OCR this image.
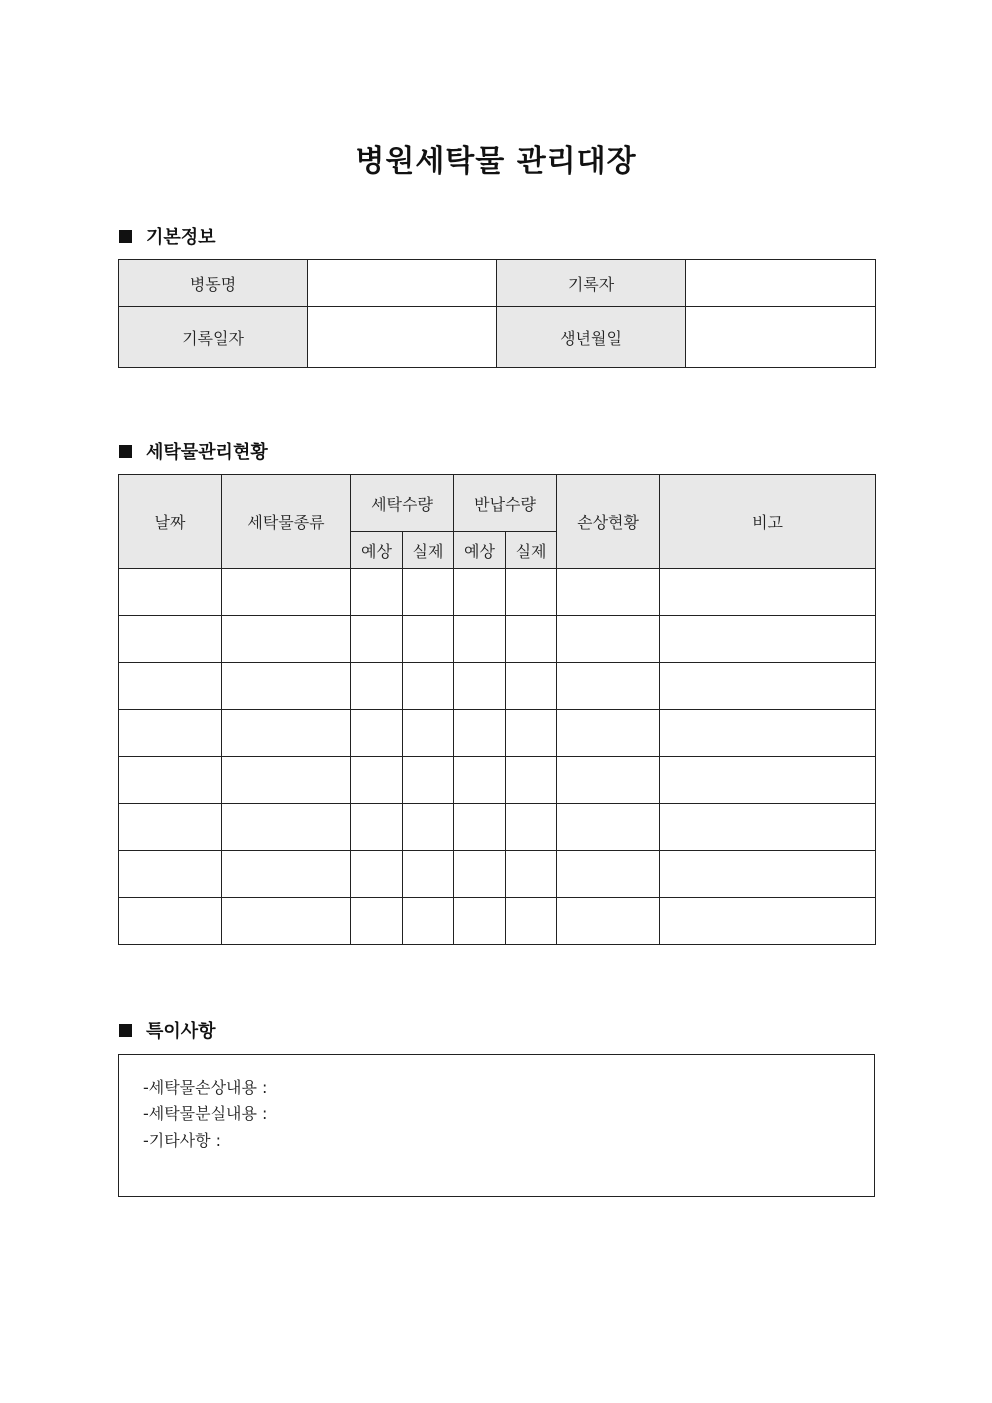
병원세탁물 관리대장
기본정보
병동명		기록자	
기록일자		생년월일	
세탁물관리현황
날짜	세탁물종류	세탁수량		반납수량		손상현황	비고
		예상	실제	예상	실제		

특이사항
-세탁물손상내용 :
-세탁물분실내용 :
-기타사항 :
